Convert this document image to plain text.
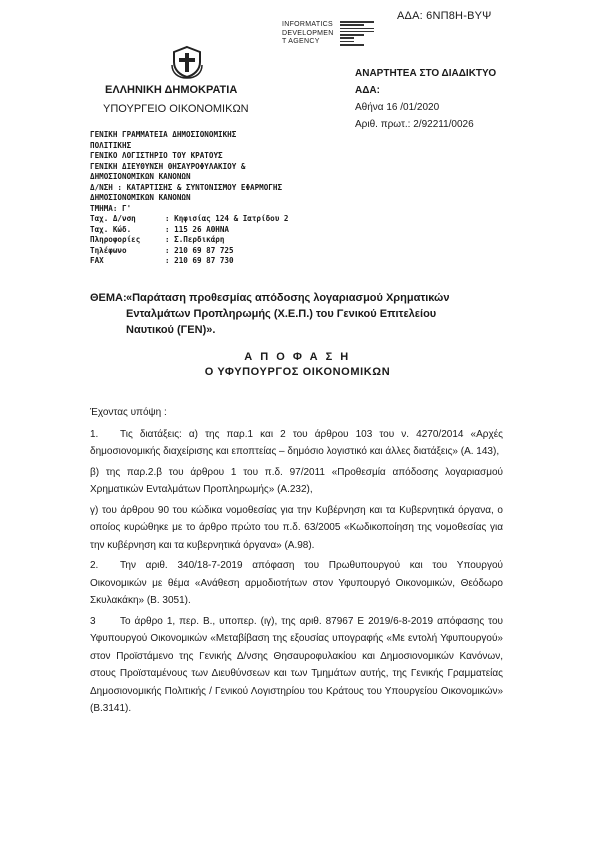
ΑΔΑ: 6ΝΠ8Η-ΒΥΨ
INFORMATICS
DEVELOPMEN
T AGENCY
ΕΛΛΗΝΙΚΗ ΔΗΜΟΚΡΑΤΙΑ
ΥΠΟΥΡΓΕΙΟ ΟΙΚΟΝΟΜΙΚΩΝ
ΑΝΑΡΤΗΤΕΑ ΣΤΟ ΔΙΑΔΙΚΤΥΟ
ΑΔΑ:
Αθήνα 16 /01/2020
Αριθ. πρωτ.: 2/92211/0026
ΓΕΝΙΚΗ ΓΡΑΜΜΑΤΕΙΑ ΔΗΜΟΣΙΟΝΟΜΙΚΗΣ
ΠΟΛΙΤΙΚΗΣ
ΓΕΝΙΚΟ ΛΟΓΙΣΤΗΡΙΟ ΤΟΥ ΚΡΑΤΟΥΣ
ΓΕΝΙΚΗ ΔΙΕΥΘΥΝΣΗ ΘΗΣΑΥΡΟΦΥΛΑΚΙΟΥ &
ΔΗΜΟΣΙΟΝΟΜΙΚΩΝ ΚΑΝΟΝΩΝ
Δ/ΝΣΗ : ΚΑΤΑΡΤΙΣΗΣ & ΣΥΝΤΟΝΙΣΜΟΥ ΕΦΑΡΜΟΓΗΣ
ΔΗΜΟΣΙΟΝΟΜΙΚΩΝ ΚΑΝΟΝΩΝ
ΤΜΗΜΑ: Γ'
Ταχ. Δ/νση	: Κηφισίας 124 & Ιατρίδου 2
Ταχ. Κώδ.	: 115 26 ΑΘΗΝΑ
Πληροφορίες	: Σ.Περδικάρη
Τηλέφωνο	: 210 69 87 725
FAX	: 210 69 87 730
ΘΕΜΑ:«Παράταση προθεσμίας απόδοσης λογαριασμού Χρηματικών
Ενταλμάτων Προπληρωμής (Χ.Ε.Π.) του Γενικού Επιτελείου
Ναυτικού (ΓΕΝ)».
Α Π Ο Φ Α Σ Η
Ο ΥΦΥΠΟΥΡΓΟΣ ΟΙΚΟΝΟΜΙΚΩΝ

Έχοντας υπόψη :

1. Τις διατάξεις: α) της παρ.1 και 2 του άρθρου 103 του ν. 4270/2014 «Αρχές δημοσιονομικής διαχείρισης και εποπτείας – δημόσιο λογιστικό και άλλες διατάξεις» (Α. 143),

β) της παρ.2.β του άρθρου 1 του π.δ. 97/2011 «Προθεσμία απόδοσης λογαριασμού Χρηματικών Ενταλμάτων Προπληρωμής» (Α.232),

γ) του άρθρου 90 του κώδικα νομοθεσίας για την Κυβέρνηση και τα Κυβερνητικά όργανα, ο οποίος κυρώθηκε με το άρθρο πρώτο του π.δ. 63/2005 «Κωδικοποίηση της νομοθεσίας για την κυβέρνηση και τα κυβερνητικά όργανα» (Α.98).

2. Την αριθ. 340/18-7-2019 απόφαση του Πρωθυπουργού και του Υπουργού Οικονομικών με θέμα «Ανάθεση αρμοδιοτήτων στον Υφυπουργό Οικονομικών, Θεόδωρο Σκυλακάκη» (Β. 3051).

3 Το άρθρο 1, περ. Β., υποπερ. (ιγ), της αριθ. 87967 Ε 2019/6-8-2019 απόφασης του Υφυπουργού Οικονομικών «Μεταβίβαση της εξουσίας υπογραφής «Με εντολή Υφυπουργού» στον Προϊστάμενο της Γενικής Δ/νσης Θησαυροφυλακίου και Δημοσιονομικών Κανόνων, στους Προϊσταμένους των Διευθύνσεων και των Τμημάτων αυτής, της Γενικής Γραμματείας Δημοσιονομικής Πολιτικής / Γενικού Λογιστηρίου του Κράτους του Υπουργείου Οικονομικών» (Β.3141).
